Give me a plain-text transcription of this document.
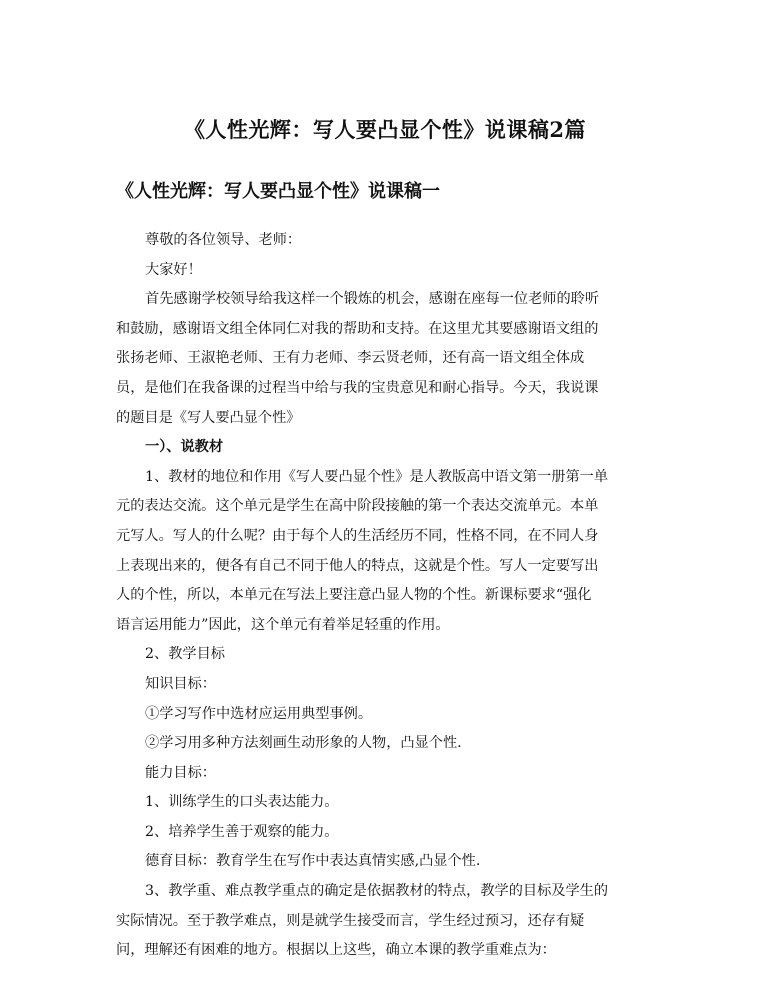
《人性光辉：写人要凸显个性》说课稿2篇
《人性光辉：写人要凸显个性》说课稿一
尊敬的各位领导、老师：
大家好！
首先感谢学校领导给我这样一个锻炼的机会，感谢在座每一位老师的聆听
和鼓励，感谢语文组全体同仁对我的帮助和支持。在这里尤其要感谢语文组的
张扬老师、王淑艳老师、王有力老师、李云贤老师，还有高一语文组全体成
员，是他们在我备课的过程当中给与我的宝贵意见和耐心指导。今天，我说课
的题目是《写人要凸显个性》
一）、说教材
1、教材的地位和作用《写人要凸显个性》是人教版高中语文第一册第一单
元的表达交流。这个单元是学生在高中阶段接触的第一个表达交流单元。本单
元写人。写人的什么呢？由于每个人的生活经历不同，性格不同，在不同人身
上表现出来的，便各有自己不同于他人的特点，这就是个性。写人一定要写出
人的个性，所以，本单元在写法上要注意凸显人物的个性。新课标要求“强化
语言运用能力”因此，这个单元有着举足轻重的作用。
2、教学目标
知识目标：
①学习写作中选材应运用典型事例。
②学习用多种方法刻画生动形象的人物，凸显个性.
能力目标：
1、训练学生的口头表达能力。
2、培养学生善于观察的能力。
德育目标：教育学生在写作中表达真情实感,凸显个性.
3、教学重、难点教学重点的确定是依据教材的特点，教学的目标及学生的
实际情况。至于教学难点，则是就学生接受而言，学生经过预习，还存有疑
问，理解还有困难的地方。根据以上这些，确立本课的教学重难点为：
